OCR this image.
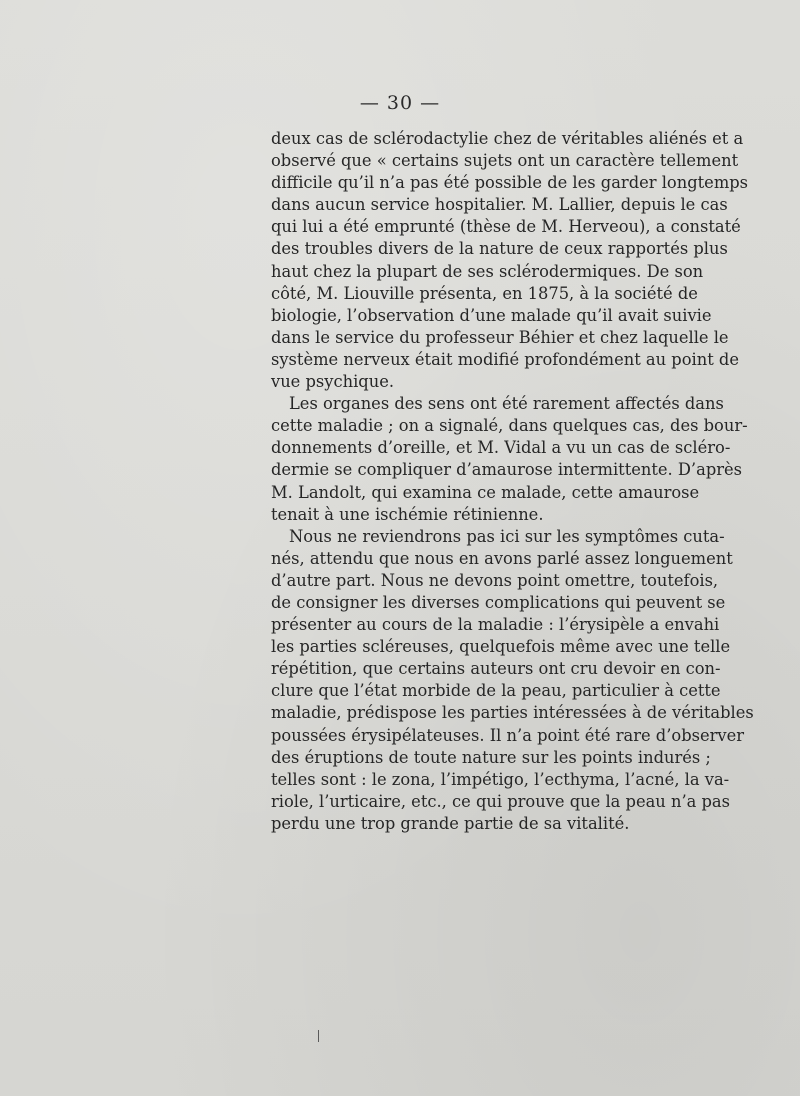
— 30 —
deux cas de sclérodactylie chez de véritables aliénés et a
observé que « certains sujets ont un caractère tellement
difficile qu’il n’a pas été possible de les garder longtemps
dans aucun service hospitalier. M. Lallier, depuis le cas
qui lui a été emprunté (thèse de M. Herveou), a constaté
des troubles divers de la nature de ceux rapportés plus
haut chez la plupart de ses sclérodermiques. De son
côté, M. Liouville présenta, en 1875, à la société de
biologie, l’observation d’une malade qu’il avait suivie
dans le service du professeur Béhier et chez laquelle le
système nerveux était modifié profondément au point de
vue psychique.
Les organes des sens ont été rarement affectés dans
cette maladie ; on a signalé, dans quelques cas, des bour-
donnements d’oreille, et M. Vidal a vu un cas de scléro-
dermie se compliquer d’amaurose intermittente. D’après
M. Landolt, qui examina ce malade, cette amaurose
tenait à une ischémie rétinienne.
Nous ne reviendrons pas ici sur les symptômes cuta-
nés, attendu que nous en avons parlé assez longuement
d’autre part. Nous ne devons point omettre, toutefois,
de consigner les diverses complications qui peuvent se
présenter au cours de la maladie : l’érysipèle a envahi
les parties scléreuses, quelquefois même avec une telle
répétition, que certains auteurs ont cru devoir en con-
clure que l’état morbide de la peau, particulier à cette
maladie, prédispose les parties intéressées à de véritables
poussées érysipélateuses. Il n’a point été rare d’observer
des éruptions de toute nature sur les points indurés ;
telles sont : le zona, l’impétigo, l’ecthyma, l’acné, la va-
riole, l’urticaire, etc., ce qui prouve que la peau n’a pas
perdu une trop grande partie de sa vitalité.
